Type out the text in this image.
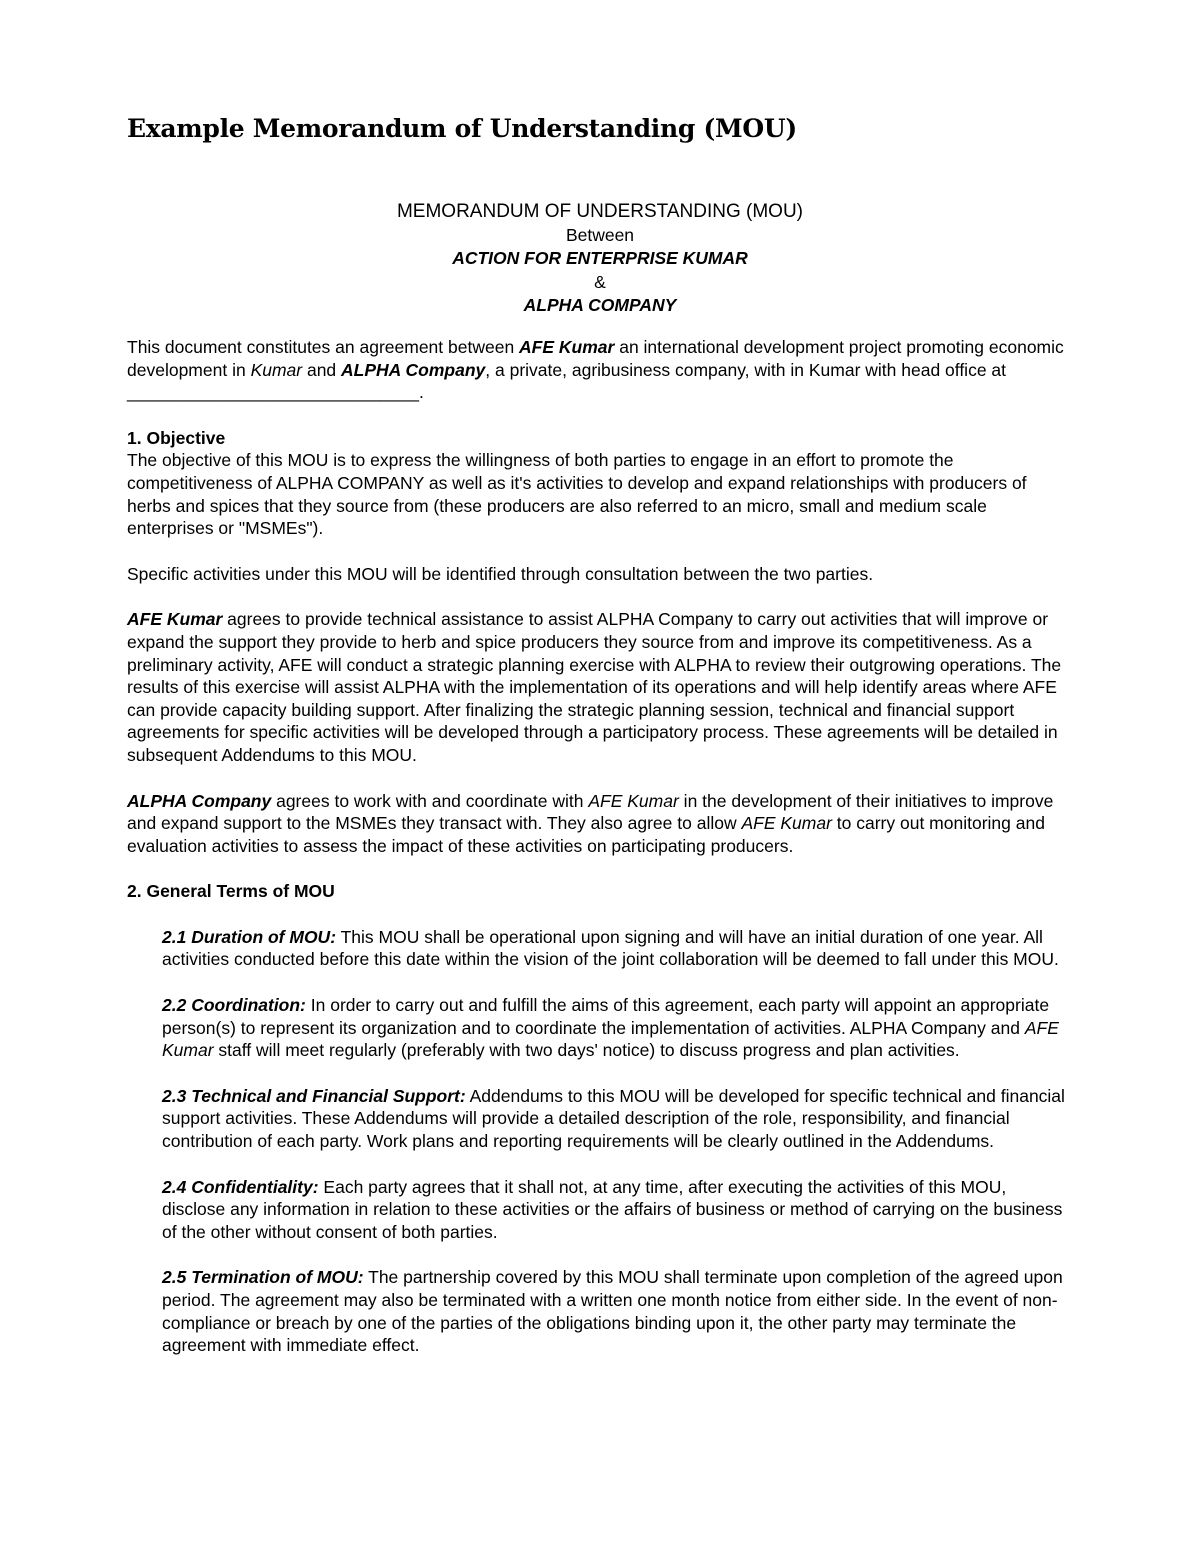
Example Memorandum of Understanding (MOU)
MEMORANDUM OF UNDERSTANDING (MOU)
Between
ACTION FOR ENTERPRISE KUMAR
&
ALPHA COMPANY

This document constitutes an agreement between AFE Kumar an international development project promoting economic development in Kumar and ALPHA Company, a private, agribusiness company, with in Kumar with head office at ______________________________.

1. Objective
The objective of this MOU is to express the willingness of both parties to engage in an effort to promote the competitiveness of ALPHA COMPANY as well as it's activities to develop and expand relationships with producers of herbs and spices that they source from (these producers are also referred to an micro, small and medium scale enterprises or "MSMEs").

Specific activities under this MOU will be identified through consultation between the two parties.

AFE Kumar agrees to provide technical assistance to assist ALPHA Company to carry out activities that will improve or expand the support they provide to herb and spice producers they source from and improve its competitiveness. As a preliminary activity, AFE will conduct a strategic planning exercise with ALPHA to review their outgrowing operations. The results of this exercise will assist ALPHA with the implementation of its operations and will help identify areas where AFE can provide capacity building support. After finalizing the strategic planning session, technical and financial support agreements for specific activities will be developed through a participatory process. These agreements will be detailed in subsequent Addendums to this MOU.

ALPHA Company agrees to work with and coordinate with AFE Kumar in the development of their initiatives to improve and expand support to the MSMEs they transact with. They also agree to allow AFE Kumar to carry out monitoring and evaluation activities to assess the impact of these activities on participating producers.

2. General Terms of MOU

2.1 Duration of MOU: This MOU shall be operational upon signing and will have an initial duration of one year. All activities conducted before this date within the vision of the joint collaboration will be deemed to fall under this MOU.

2.2 Coordination: In order to carry out and fulfill the aims of this agreement, each party will appoint an appropriate person(s) to represent its organization and to coordinate the implementation of activities. ALPHA Company and AFE Kumar staff will meet regularly (preferably with two days' notice) to discuss progress and plan activities.

2.3 Technical and Financial Support: Addendums to this MOU will be developed for specific technical and financial support activities. These Addendums will provide a detailed description of the role, responsibility, and financial contribution of each party. Work plans and reporting requirements will be clearly outlined in the Addendums.

2.4 Confidentiality: Each party agrees that it shall not, at any time, after executing the activities of this MOU, disclose any information in relation to these activities or the affairs of business or method of carrying on the business of the other without consent of both parties.

2.5 Termination of MOU: The partnership covered by this MOU shall terminate upon completion of the agreed upon period. The agreement may also be terminated with a written one month notice from either side. In the event of non-compliance or breach by one of the parties of the obligations binding upon it, the other party may terminate the agreement with immediate effect.
